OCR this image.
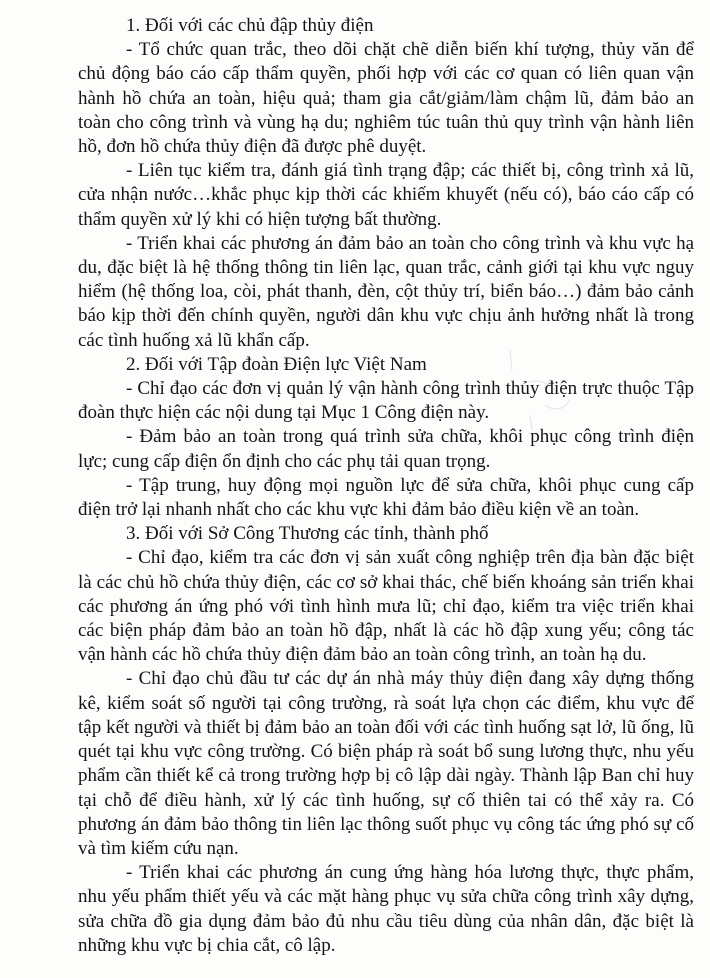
1. Đối với các chủ đập thủy điện

- Tổ chức quan trắc, theo dõi chặt chẽ diễn biến khí tượng, thủy văn để chủ động báo cáo cấp thẩm quyền, phối hợp với các cơ quan có liên quan vận hành hồ chứa an toàn, hiệu quả; tham gia cắt/giảm/làm chậm lũ, đảm bảo an toàn cho công trình và vùng hạ du; nghiêm túc tuân thủ quy trình vận hành liên hồ, đơn hồ chứa thủy điện đã được phê duyệt.

- Liên tục kiểm tra, đánh giá tình trạng đập; các thiết bị, công trình xả lũ, cửa nhận nước…khắc phục kịp thời các khiếm khuyết (nếu có), báo cáo cấp có thẩm quyền xử lý khi có hiện tượng bất thường.

- Triển khai các phương án đảm bảo an toàn cho công trình và khu vực hạ du, đặc biệt là hệ thống thông tin liên lạc, quan trắc, cảnh giới tại khu vực nguy hiểm (hệ thống loa, còi, phát thanh, đèn, cột thủy trí, biển báo…) đảm bảo cảnh báo kịp thời đến chính quyền, người dân khu vực chịu ảnh hưởng nhất là trong các tình huống xả lũ khẩn cấp.

2. Đối với Tập đoàn Điện lực Việt Nam

- Chỉ đạo các đơn vị quản lý vận hành công trình thủy điện trực thuộc Tập đoàn thực hiện các nội dung tại Mục 1 Công điện này.

- Đảm bảo an toàn trong quá trình sửa chữa, khôi phục công trình điện lực; cung cấp điện ổn định cho các phụ tải quan trọng.

- Tập trung, huy động mọi nguồn lực để sửa chữa, khôi phục cung cấp điện trở lại nhanh nhất cho các khu vực khi đảm bảo điều kiện về an toàn.

3. Đối với Sở Công Thương các tỉnh, thành phố

- Chỉ đạo, kiểm tra các đơn vị sản xuất công nghiệp trên địa bàn đặc biệt là các chủ hồ chứa thủy điện, các cơ sở khai thác, chế biến khoáng sản triển khai các phương án ứng phó với tình hình mưa lũ; chỉ đạo, kiểm tra việc triển khai các biện pháp đảm bảo an toàn hồ đập, nhất là các hồ đập xung yếu; công tác vận hành các hồ chứa thủy điện đảm bảo an toàn công trình, an toàn hạ du.

- Chỉ đạo chủ đầu tư các dự án nhà máy thủy điện đang xây dựng thống kê, kiểm soát số người tại công trường, rà soát lựa chọn các điểm, khu vực để tập kết người và thiết bị đảm bảo an toàn đối với các tình huống sạt lở, lũ ống, lũ quét tại khu vực công trường. Có biện pháp rà soát bổ sung lương thực, nhu yếu phẩm cần thiết kể cả trong trường hợp bị cô lập dài ngày. Thành lập Ban chỉ huy tại chỗ để điều hành, xử lý các tình huống, sự cố thiên tai có thể xảy ra. Có phương án đảm bảo thông tin liên lạc thông suốt phục vụ công tác ứng phó sự cố và tìm kiếm cứu nạn.

- Triển khai các phương án cung ứng hàng hóa lương thực, thực phẩm, nhu yếu phẩm thiết yếu và các mặt hàng phục vụ sửa chữa công trình xây dựng, sửa chữa đồ gia dụng đảm bảo đủ nhu cầu tiêu dùng của nhân dân, đặc biệt là những khu vực bị chia cắt, cô lập.
